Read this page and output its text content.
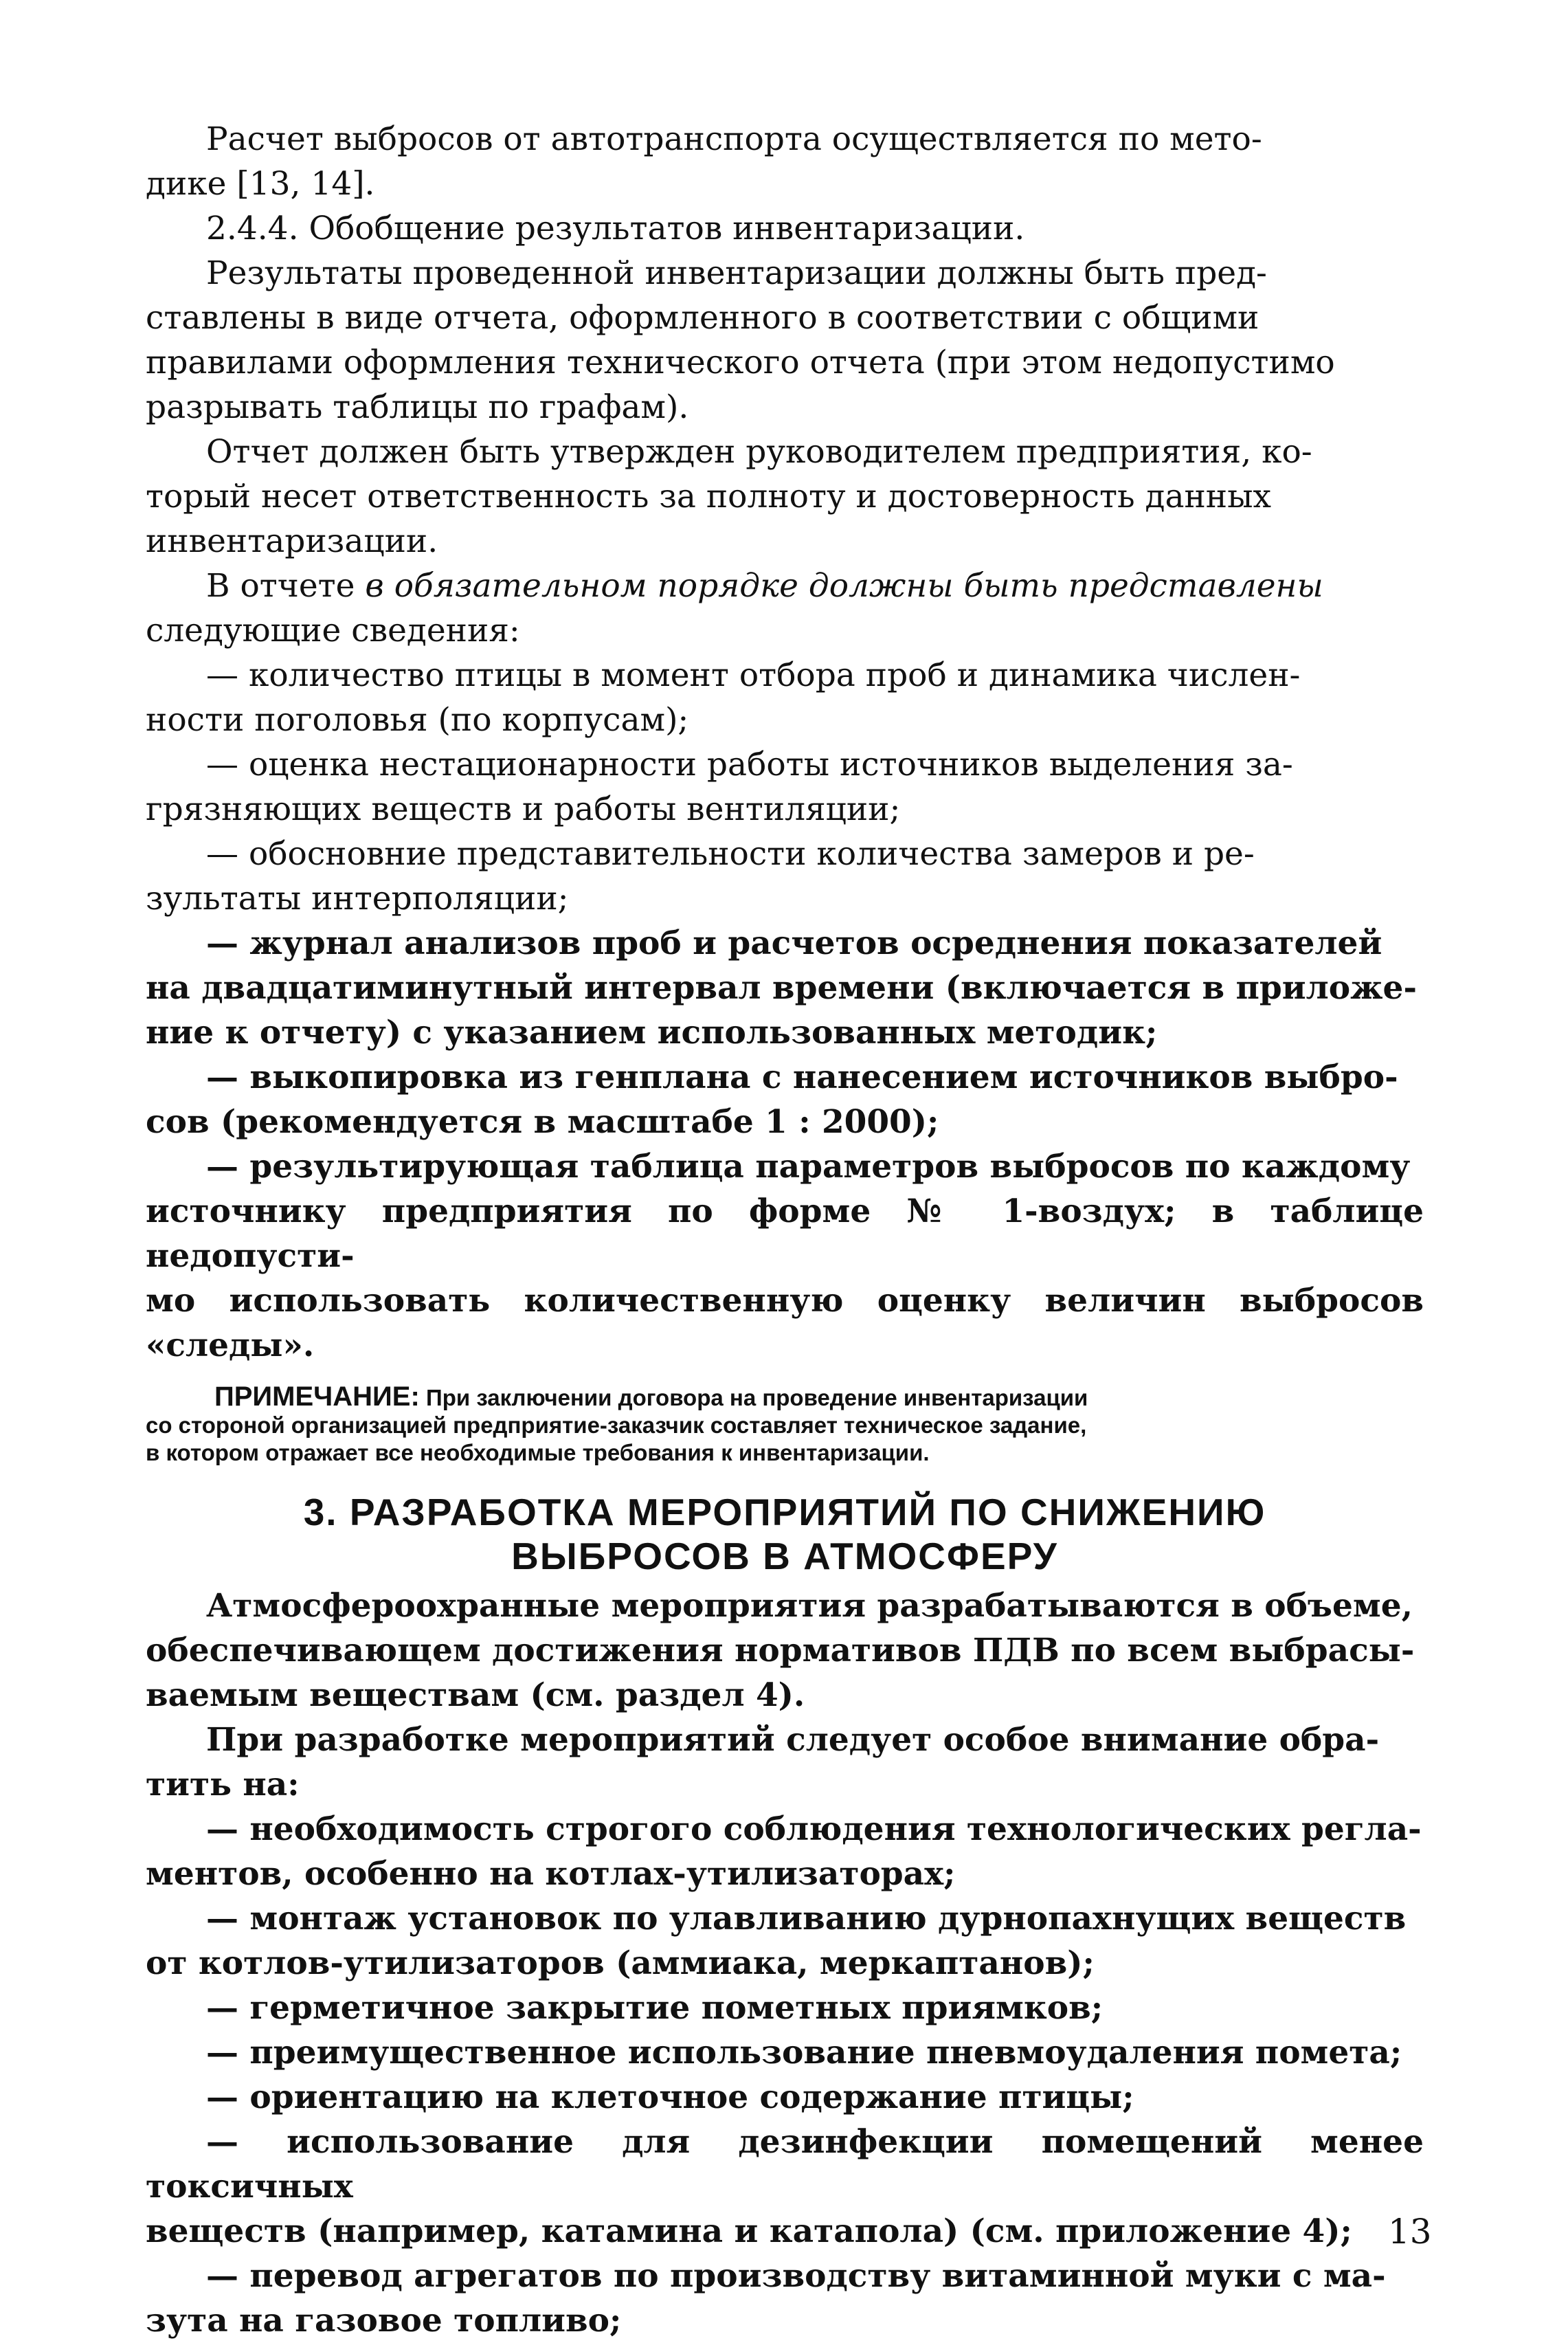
Расчет выбросов от автотранспорта осуществляется по мето-
дике [13, 14].

2.4.4. Обобщение результатов инвентаризации.

Результаты проведенной инвентаризации должны быть пред-
ставлены в виде отчета, оформленного в соответствии с общими
правилами оформления технического отчета (при этом недопустимо
разрывать таблицы по графам).

Отчет должен быть утвержден руководителем предприятия, ко-
торый несет ответственность за полноту и достоверность данных
инвентаризации.

В отчете в обязательном порядке должны быть представлены
следующие сведения:

— количество птицы в момент отбора проб и динамика числен-
ности поголовья (по корпусам);

— оценка нестационарности работы источников выделения за-
грязняющих веществ и работы вентиляции;

— обосновние представительности количества замеров и ре-
зультаты интерполяции;

— журнал анализов проб и расчетов осреднения показателей
на двадцатиминутный интервал времени (включается в приложе-
ние к отчету) с указанием использованных методик;

— выкопировка из генплана с нанесением источников выбро-
сов (рекомендуется в масштабе 1 : 2000);

— результирующая таблица параметров выбросов по каждому
источнику предприятия по форме № 1-воздух; в таблице недопусти-
мо использовать количественную оценку величин выбросов «следы».

ПРИМЕЧАНИЕ: При заключении договора на проведение инвентаризации
со стороной организацией предприятие-заказчик составляет техническое задание,
в котором отражает все необходимые требования к инвентаризации.

3. РАЗРАБОТКА МЕРОПРИЯТИЙ ПО СНИЖЕНИЮ
ВЫБРОСОВ В АТМОСФЕРУ

Атмосфероохранные мероприятия разрабатываются в объеме,
обеспечивающем достижения нормативов ПДВ по всем выбрасы-
ваемым веществам (см. раздел 4).

При разработке мероприятий следует особое внимание обра-
тить на:

— необходимость строгого соблюдения технологических регла-
ментов, особенно на котлах-утилизаторах;

— монтаж установок по улавливанию дурнопахнущих веществ
от котлов-утилизаторов (аммиака, меркаптанов);

— герметичное закрытие пометных приямков;

— преимущественное использование пневмоудаления помета;

— ориентацию на клеточное содержание птицы;

— использование для дезинфекции помещений менее токсичных
веществ (например, катамина и катапола) (см. приложение 4);

— перевод агрегатов по производству витаминной муки с ма-
зута на газовое топливо;

13
